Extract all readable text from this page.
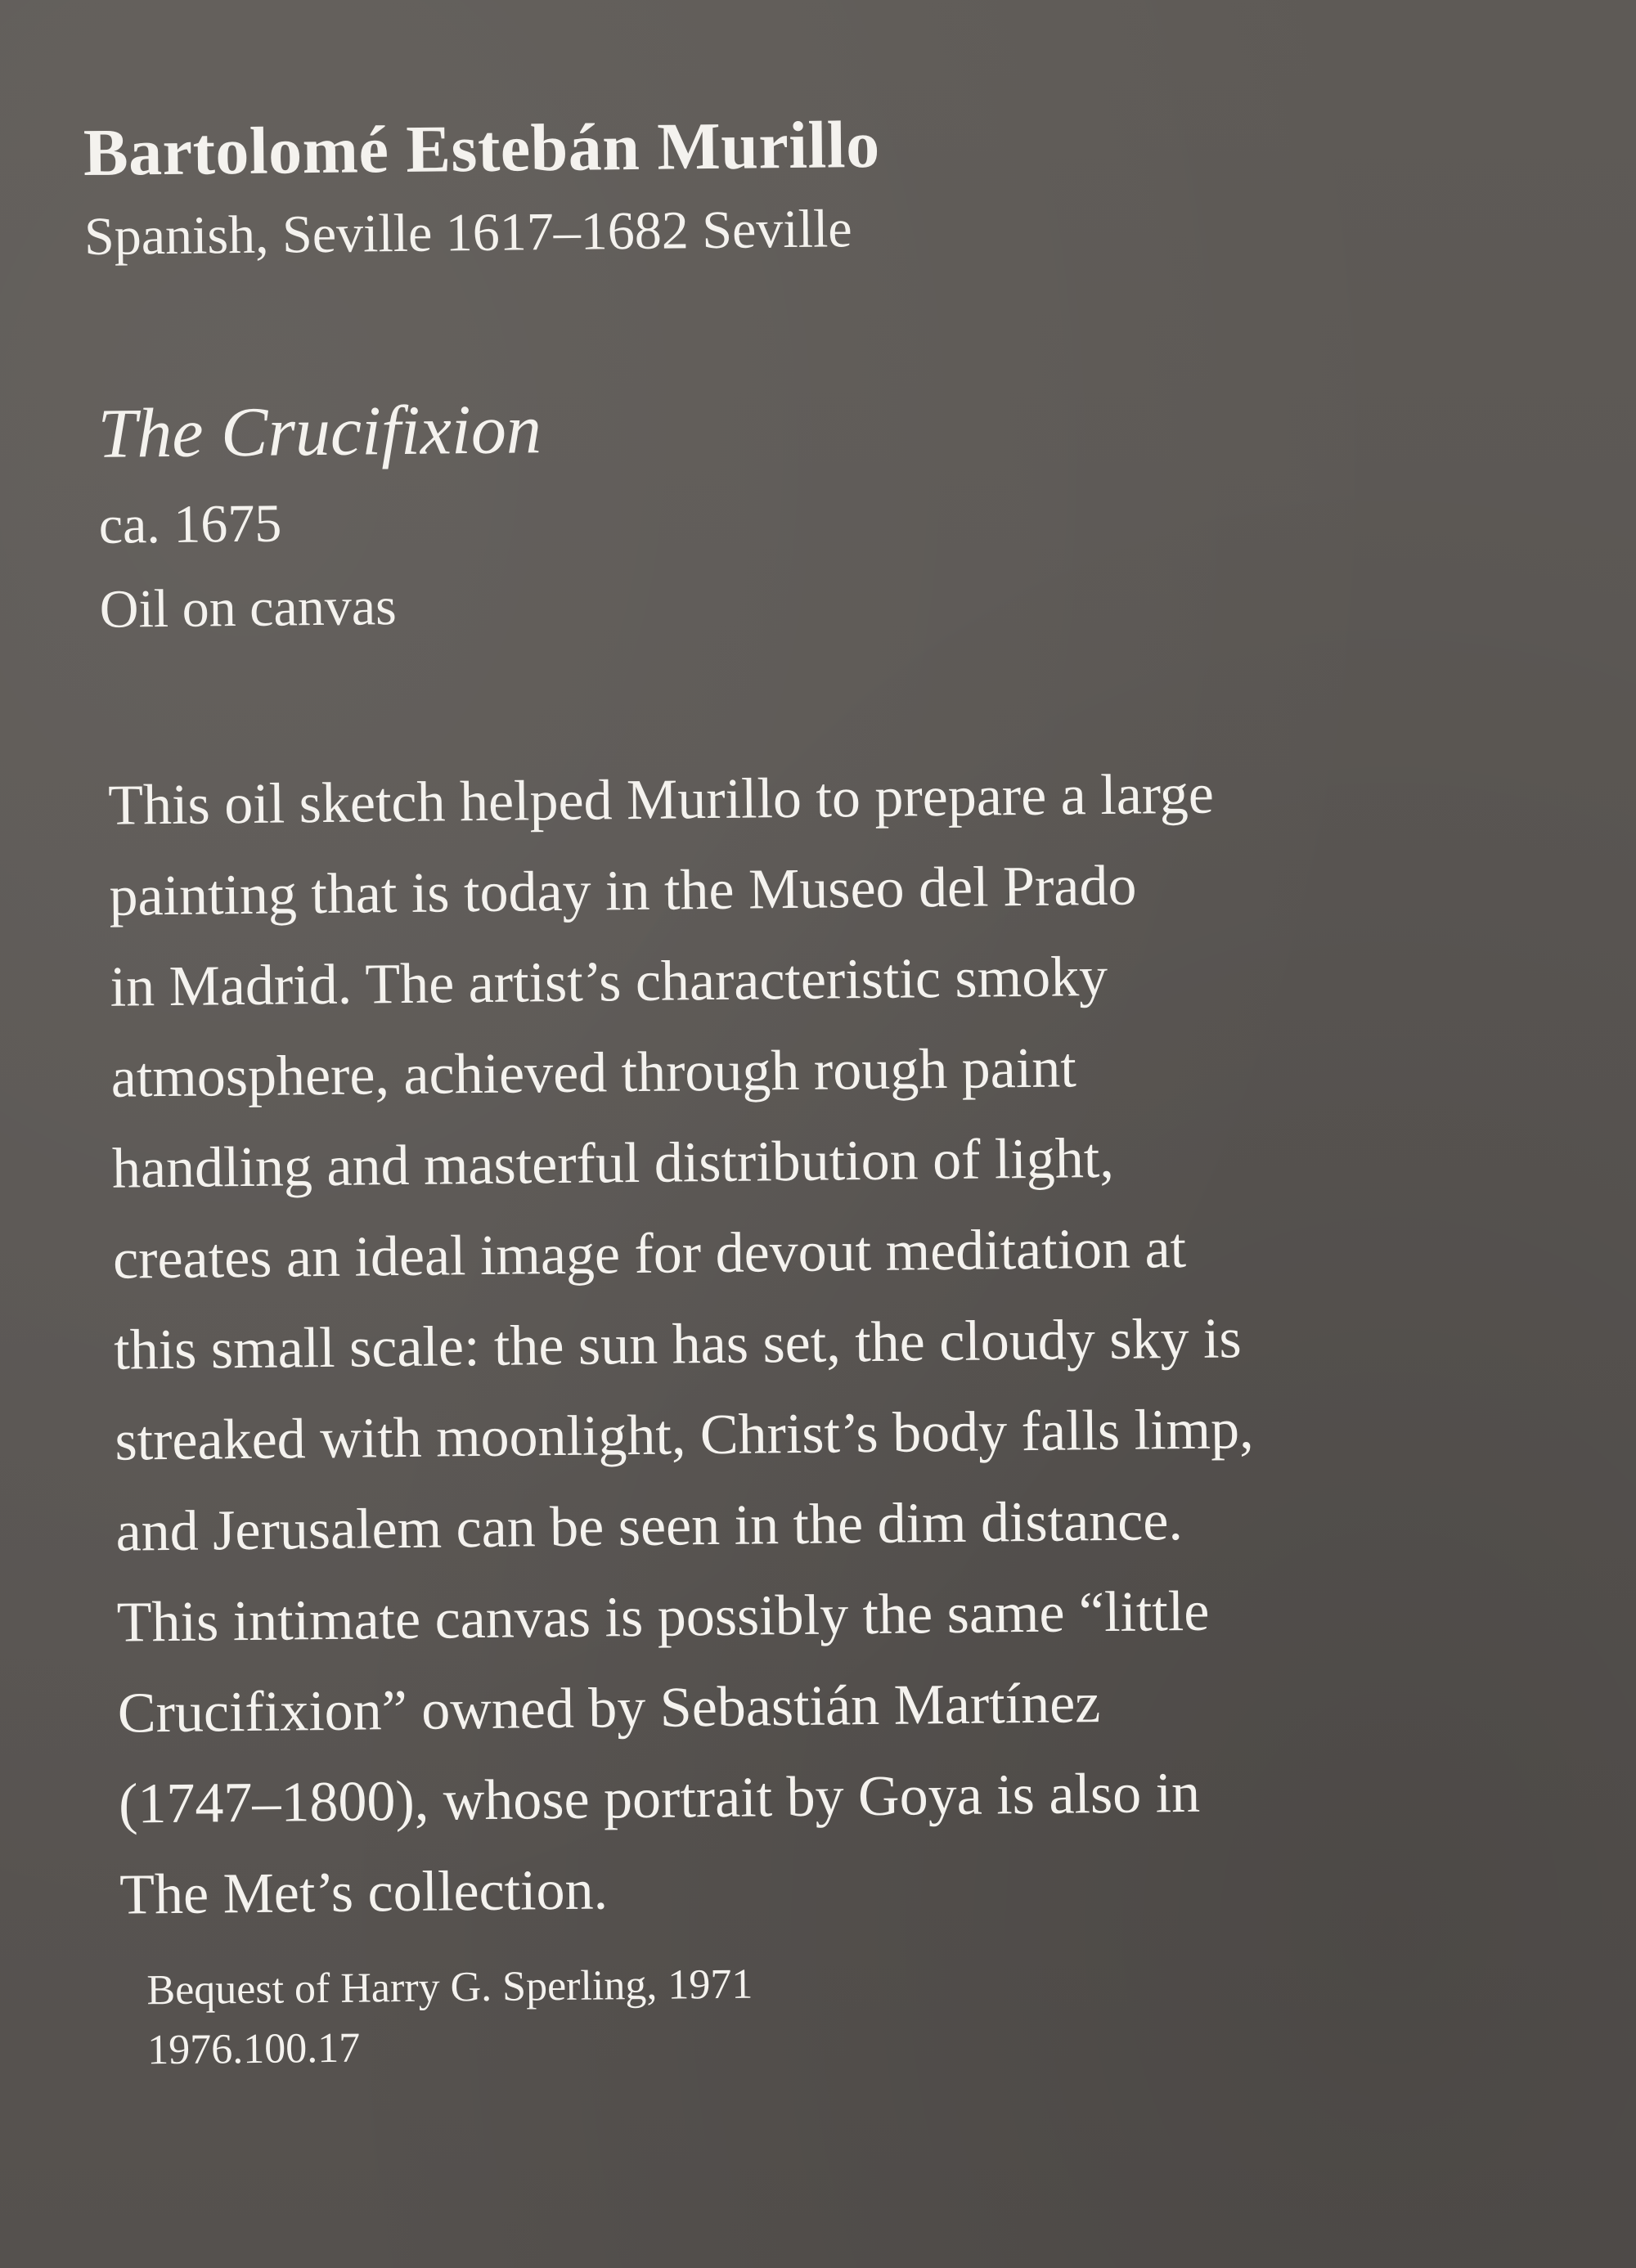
Bartolomé Estebán Murillo
Spanish, Seville 1617–1682 Seville
The Crucifixion
ca. 1675
Oil on canvas
This oil sketch helped Murillo to prepare a large
painting that is today in the Museo del Prado
in Madrid. The artist’s characteristic smoky
atmosphere, achieved through rough paint
handling and masterful distribution of light,
creates an ideal image for devout meditation at
this small scale: the sun has set, the cloudy sky is
streaked with moonlight, Christ’s body falls limp,
and Jerusalem can be seen in the dim distance.
This intimate canvas is possibly the same “little
Crucifixion” owned by Sebastián Martínez
(1747–1800), whose portrait by Goya is also in
The Met’s collection.
Bequest of Harry G. Sperling, 1971
1976.100.17
